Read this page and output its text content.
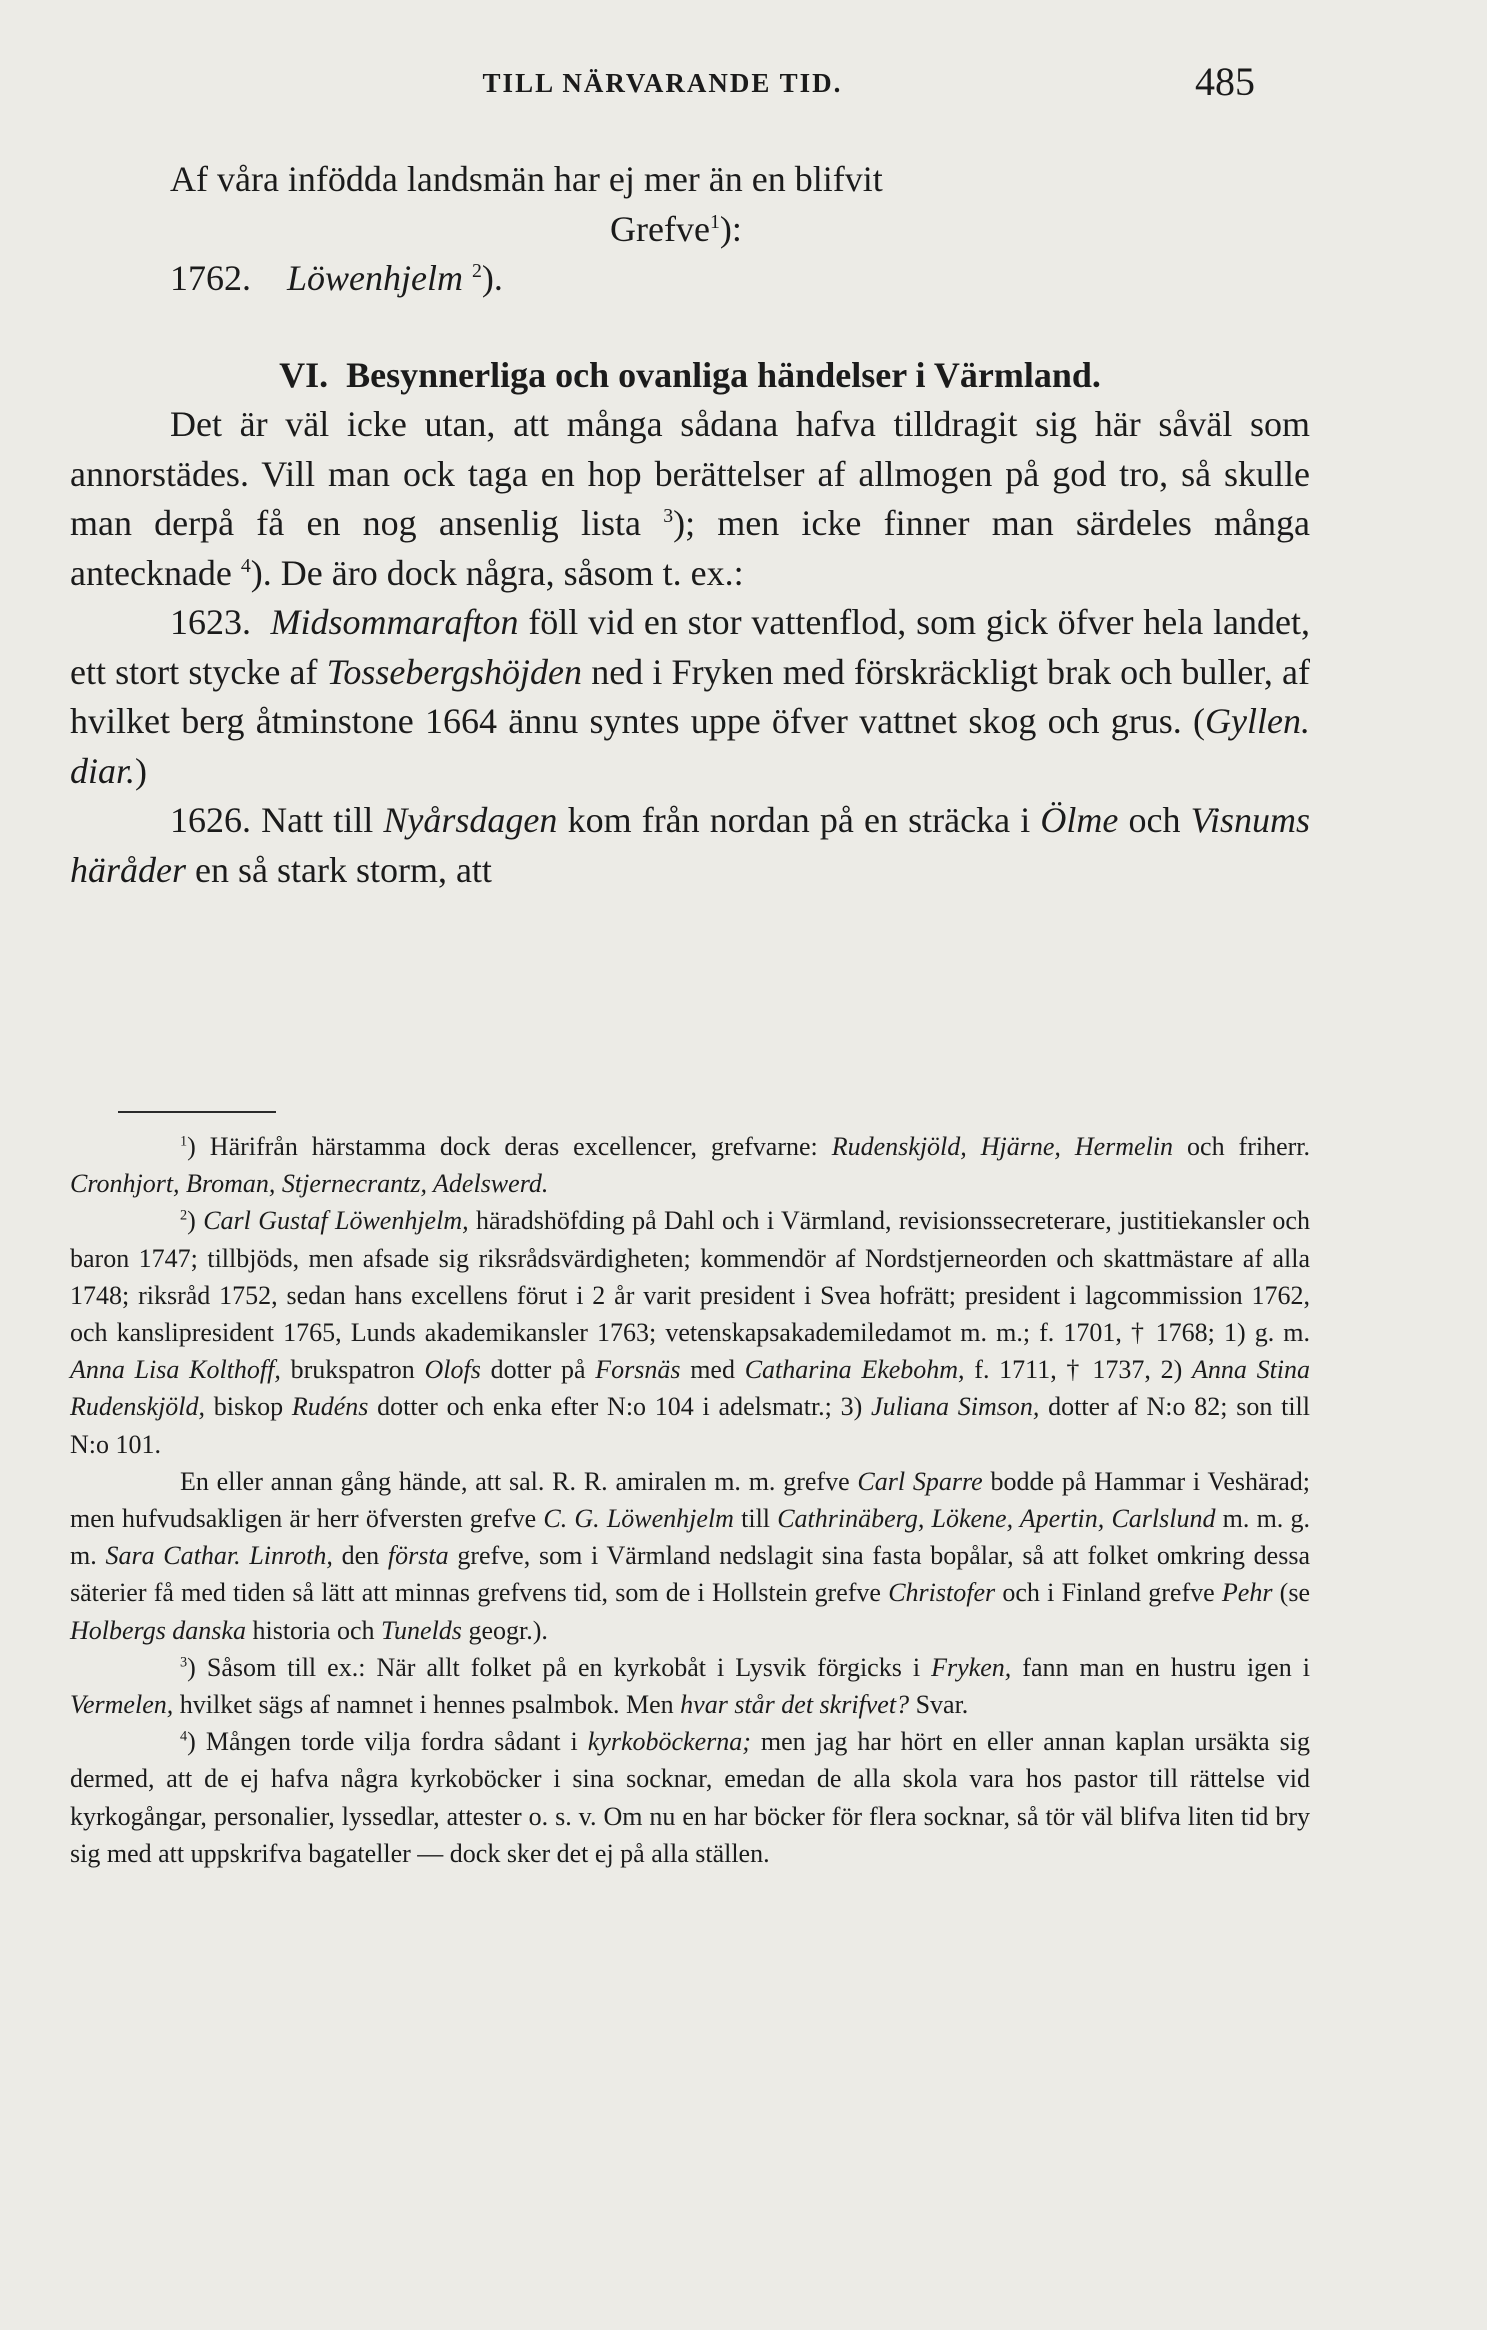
TILL NÄRVARANDE TID.	485

Af våra infödda landsmän har ej mer än en blifvit

Grefve$^1$):

1762. Löwenhjelm $^2$).

VI. Besynnerliga och ovanliga händelser i Värmland.

Det är väl icke utan, att många sådana hafva tilldragit sig här såväl som annorstädes. Vill man ock taga en hop berättelser af allmogen på god tro, så skulle man derpå få en nog ansenlig lista $^3$); men icke finner man särdeles många antecknade $^4$). De äro dock några, såsom t. ex.:

1623. Midsommarafton föll vid en stor vattenflod, som gick öfver hela landet, ett stort stycke af Tossebergshöjden ned i Fryken med förskräckligt brak och buller, af hvilket berg åtminstone 1664 ännu syntes uppe öfver vattnet skog och grus. (Gyllen. diar.)

1626. Natt till Nyårsdagen kom från nordan på en sträcka i Ölme och Visnums häråder en så stark storm, att

$^1$) Härifrån härstamma dock deras excellencer, grefvarne: Rudenskjöld, Hjärne, Hermelin och friherr. Cronhjort, Broman, Stjernecrantz, Adelswerd.

$^2$) Carl Gustaf Löwenhjelm, häradshöfding på Dahl och i Värmland, revisionssecreterare, justitiekansler och baron 1747; tillbjöds, men afsade sig riksrådsvärdigheten; kommendör af Nordstjerneorden och skattmästare af alla 1748; riksråd 1752, sedan hans excellens förut i 2 år varit president i Svea hofrätt; president i lagcommission 1762, och kanslipresident 1765, Lunds akademikansler 1763; vetenskapsakademiledamot m. m.; f. 1701, † 1768; 1) g. m. Anna Lisa Kolthoff, brukspatron Olofs dotter på Forsnäs med Catharina Ekebohm, f. 1711, † 1737, 2) Anna Stina Rudenskjöld, biskop Rudéns dotter och enka efter N:o 104 i adelsmatr.; 3) Juliana Simson, dotter af N:o 82; son till N:o 101.

En eller annan gång hände, att sal. R. R. amiralen m. m. grefve Carl Sparre bodde på Hammar i Veshärad; men hufvudsakligen är herr öfversten grefve C. G. Löwenhjelm till Cathrinäberg, Lökene, Apertin, Carlslund m. m. g. m. Sara Cathar. Linroth, den första grefve, som i Värmland nedslagit sina fasta bopålar, så att folket omkring dessa säterier få med tiden så lätt att minnas grefvens tid, som de i Hollstein grefve Christofer och i Finland grefve Pehr (se Holbergs danska historia och Tunelds geogr.).

$^3$) Såsom till ex.: När allt folket på en kyrkobåt i Lysvik förgicks i Fryken, fann man en hustru igen i Vermelen, hvilket sägs af namnet i hennes psalmbok. Men hvar står det skrifvet? Svar.

$^4$) Mången torde vilja fordra sådant i kyrkoböckerna; men jag har hört en eller annan kaplan ursäkta sig dermed, att de ej hafva några kyrkoböcker i sina socknar, emedan de alla skola vara hos pastor till rättelse vid kyrkogångar, personalier, lyssedlar, attester o. s. v. Om nu en har böcker för flera socknar, så tör väl blifva liten tid bry sig med att uppskrifva bagateller — dock sker det ej på alla ställen.
